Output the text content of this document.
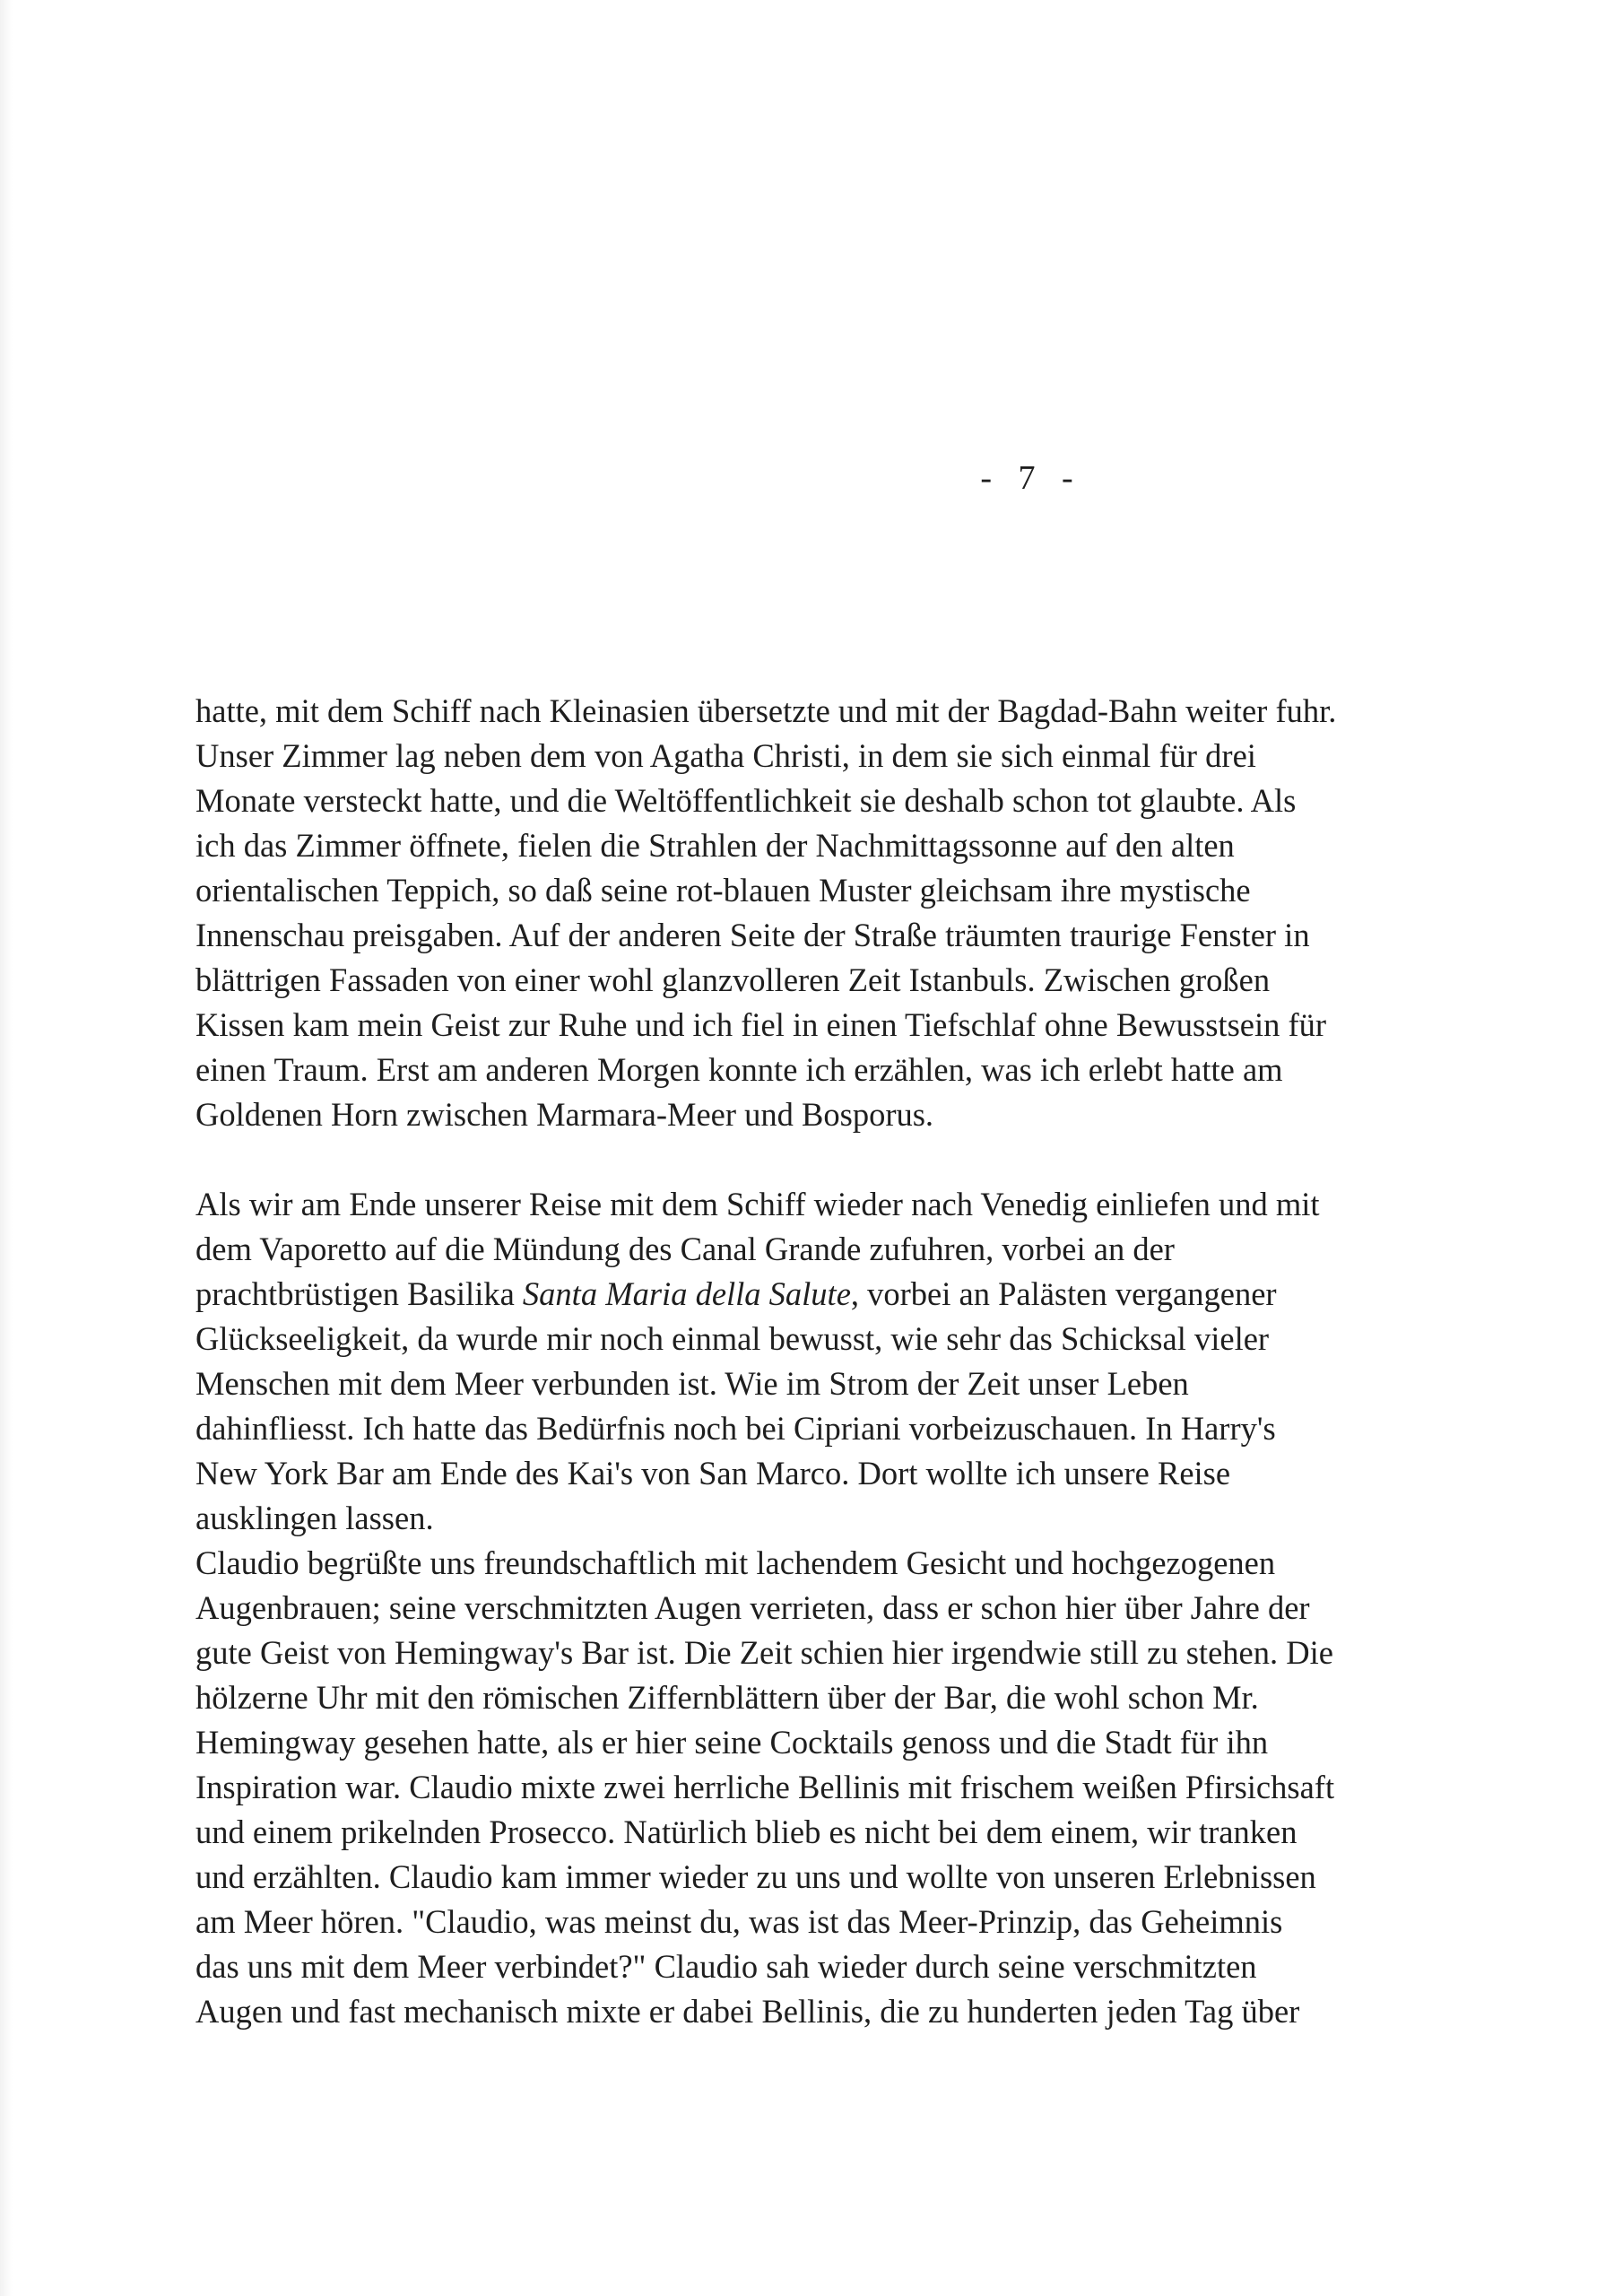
- 7 -
hatte, mit dem Schiff nach Kleinasien übersetzte und mit der Bagdad-Bahn weiter fuhr.
Unser Zimmer lag neben dem von Agatha Christi, in dem sie sich einmal für drei
Monate versteckt hatte, und die Weltöffentlichkeit sie deshalb schon tot glaubte. Als
ich das Zimmer öffnete, fielen die Strahlen der Nachmittagssonne auf den alten
orientalischen Teppich, so daß seine rot-blauen Muster gleichsam ihre mystische
Innenschau preisgaben. Auf der anderen Seite der Straße träumten traurige Fenster in
blättrigen Fassaden von einer wohl glanzvolleren Zeit Istanbuls. Zwischen großen
Kissen kam mein Geist zur Ruhe und ich fiel in einen Tiefschlaf ohne Bewusstsein für
einen Traum. Erst am anderen Morgen konnte ich erzählen, was ich erlebt hatte am
Goldenen Horn zwischen Marmara-Meer und Bosporus.
Als wir am Ende unserer Reise mit dem Schiff wieder nach Venedig einliefen und mit
dem Vaporetto auf die Mündung des Canal Grande zufuhren, vorbei an der
prachtbrüstigen Basilika Santa Maria della Salute, vorbei an Palästen vergangener
Glückseeligkeit, da wurde mir noch einmal bewusst, wie sehr das Schicksal vieler
Menschen mit dem Meer verbunden ist. Wie im Strom der Zeit unser Leben
dahinfliesst. Ich hatte das Bedürfnis noch bei Cipriani vorbeizuschauen. In Harry's
New York Bar am Ende des Kai's von San Marco. Dort wollte ich unsere Reise
ausklingen lassen.
Claudio begrüßte uns freundschaftlich mit lachendem Gesicht und hochgezogenen
Augenbrauen; seine verschmitzten Augen verrieten, dass er schon hier über Jahre der
gute Geist von Hemingway's Bar ist. Die Zeit schien hier irgendwie still zu stehen. Die
hölzerne Uhr mit den römischen Ziffernblättern über der Bar, die wohl schon Mr.
Hemingway gesehen hatte, als er hier seine Cocktails genoss und die Stadt für ihn
Inspiration war. Claudio mixte zwei herrliche Bellinis mit frischem weißen Pfirsichsaft
und einem prikelnden Prosecco. Natürlich blieb es nicht bei dem einem, wir tranken
und erzählten. Claudio kam immer wieder zu uns und wollte von unseren Erlebnissen
am Meer hören. "Claudio, was meinst du, was ist das Meer-Prinzip, das Geheimnis
das uns mit dem Meer verbindet?" Claudio sah wieder durch seine verschmitzten
Augen und fast mechanisch mixte er dabei Bellinis, die zu hunderten jeden Tag über
